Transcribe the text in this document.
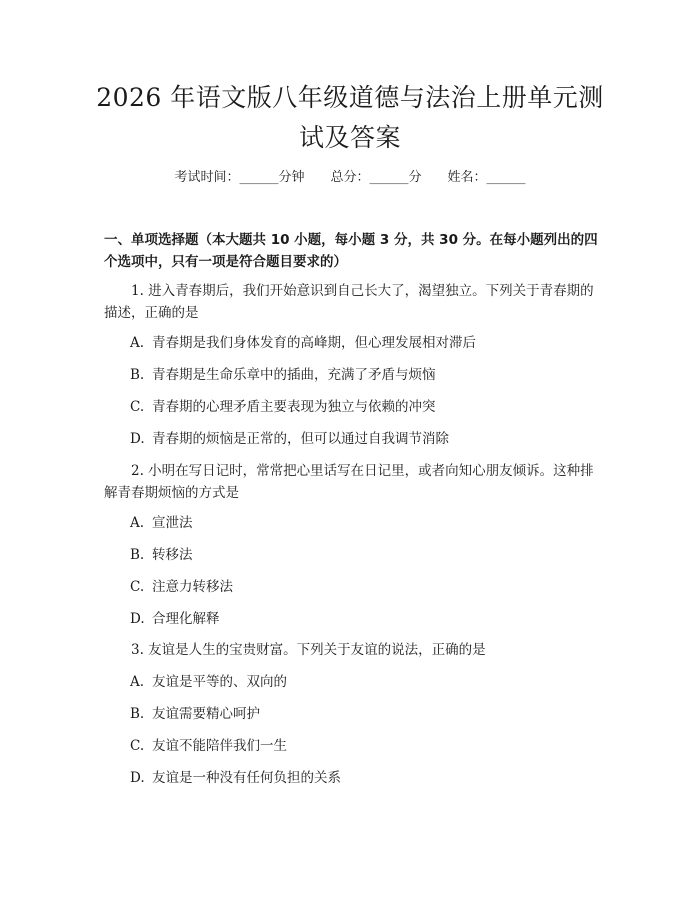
2026 年语文版八年级道德与法治上册单元测试及答案
考试时间：______分钟　　总分：______分　　姓名：______
一、单项选择题（本大题共 10 小题，每小题 3 分，共 30 分。在每小题列出的四个选项中，只有一项是符合题目要求的）
1. 进入青春期后，我们开始意识到自己长大了，渴望独立。下列关于青春期的描述，正确的是
A. 青春期是我们身体发育的高峰期，但心理发展相对滞后
B. 青春期是生命乐章中的插曲，充满了矛盾与烦恼
C. 青春期的心理矛盾主要表现为独立与依赖的冲突
D. 青春期的烦恼是正常的，但可以通过自我调节消除
2. 小明在写日记时，常常把心里话写在日记里，或者向知心朋友倾诉。这种排解青春期烦恼的方式是
A. 宣泄法
B. 转移法
C. 注意力转移法
D. 合理化解释
3. 友谊是人生的宝贵财富。下列关于友谊的说法，正确的是
A. 友谊是平等的、双向的
B. 友谊需要精心呵护
C. 友谊不能陪伴我们一生
D. 友谊是一种没有任何负担的关系
